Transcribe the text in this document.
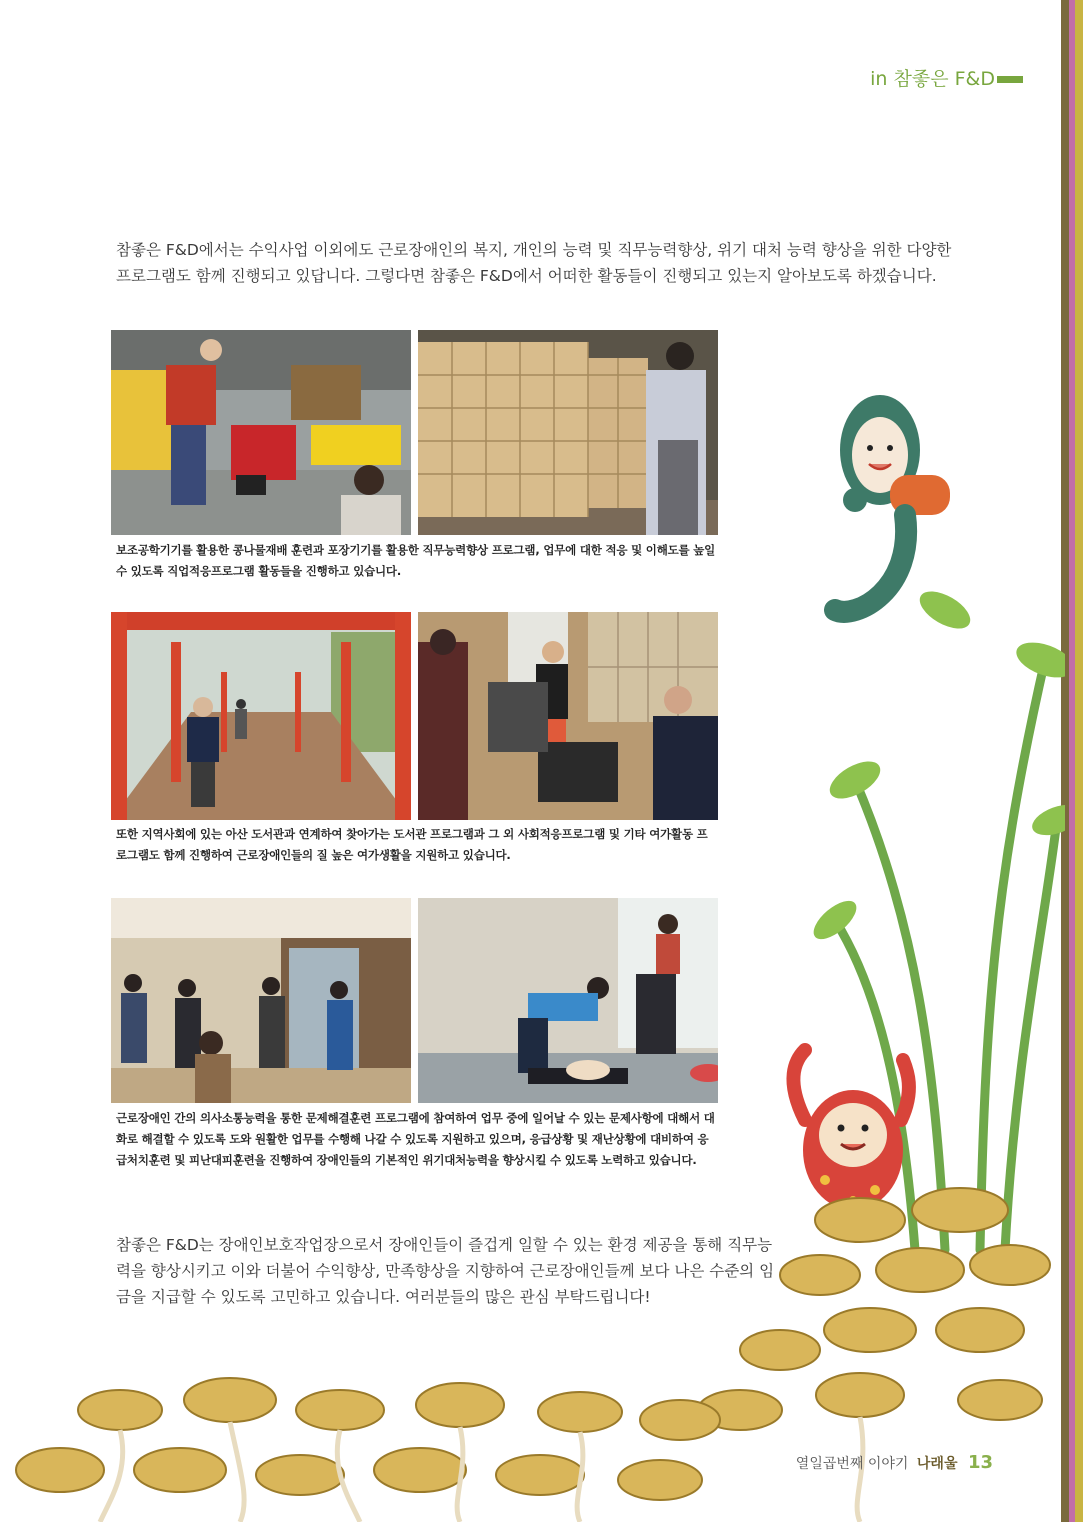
in 참좋은 F&D

참좋은 F&D에서는 수익사업 이외에도 근로장애인의 복지, 개인의 능력 및 직무능력향상, 위기 대처 능력 향상을 위한 다양한 프로그램도 함께 진행되고 있답니다. 그렇다면 참좋은 F&D에서 어떠한 활동들이 진행되고 있는지 알아보도록 하겠습니다.

보조공학기기를 활용한 콩나물재배 훈련과 포장기기를 활용한 직무능력향상 프로그램, 업무에 대한 적응 및 이해도를 높일 수 있도록 직업적응프로그램 활동들을 진행하고 있습니다.

또한 지역사회에 있는 아산 도서관과 연계하여 찾아가는 도서관 프로그램과 그 외 사회적응프로그램 및 기타 여가활동 프로그램도 함께 진행하여 근로장애인들의 질 높은 여가생활을 지원하고 있습니다.

근로장애인 간의 의사소통능력을 통한 문제해결훈련 프로그램에 참여하여 업무 중에 일어날 수 있는 문제사항에 대해서 대화로 해결할 수 있도록 도와 원활한 업무를 수행해 나갈 수 있도록 지원하고 있으며, 응급상황 및 재난상황에 대비하여 응급처치훈련 및 피난대피훈련을 진행하여 장애인들의 기본적인 위기대처능력을 향상시킬 수 있도록 노력하고 있습니다.

참좋은 F&D는 장애인보호작업장으로서 장애인들이 즐겁게 일할 수 있는 환경 제공을 통해 직무능력을 향상시키고 이와 더불어 수익향상, 만족향상을 지향하여 근로장애인들께 보다 나은 수준의 임금을 지급할 수 있도록 고민하고 있습니다. 여러분들의 많은 관심 부탁드립니다!

열일곱번째 이야기 나래울 13
